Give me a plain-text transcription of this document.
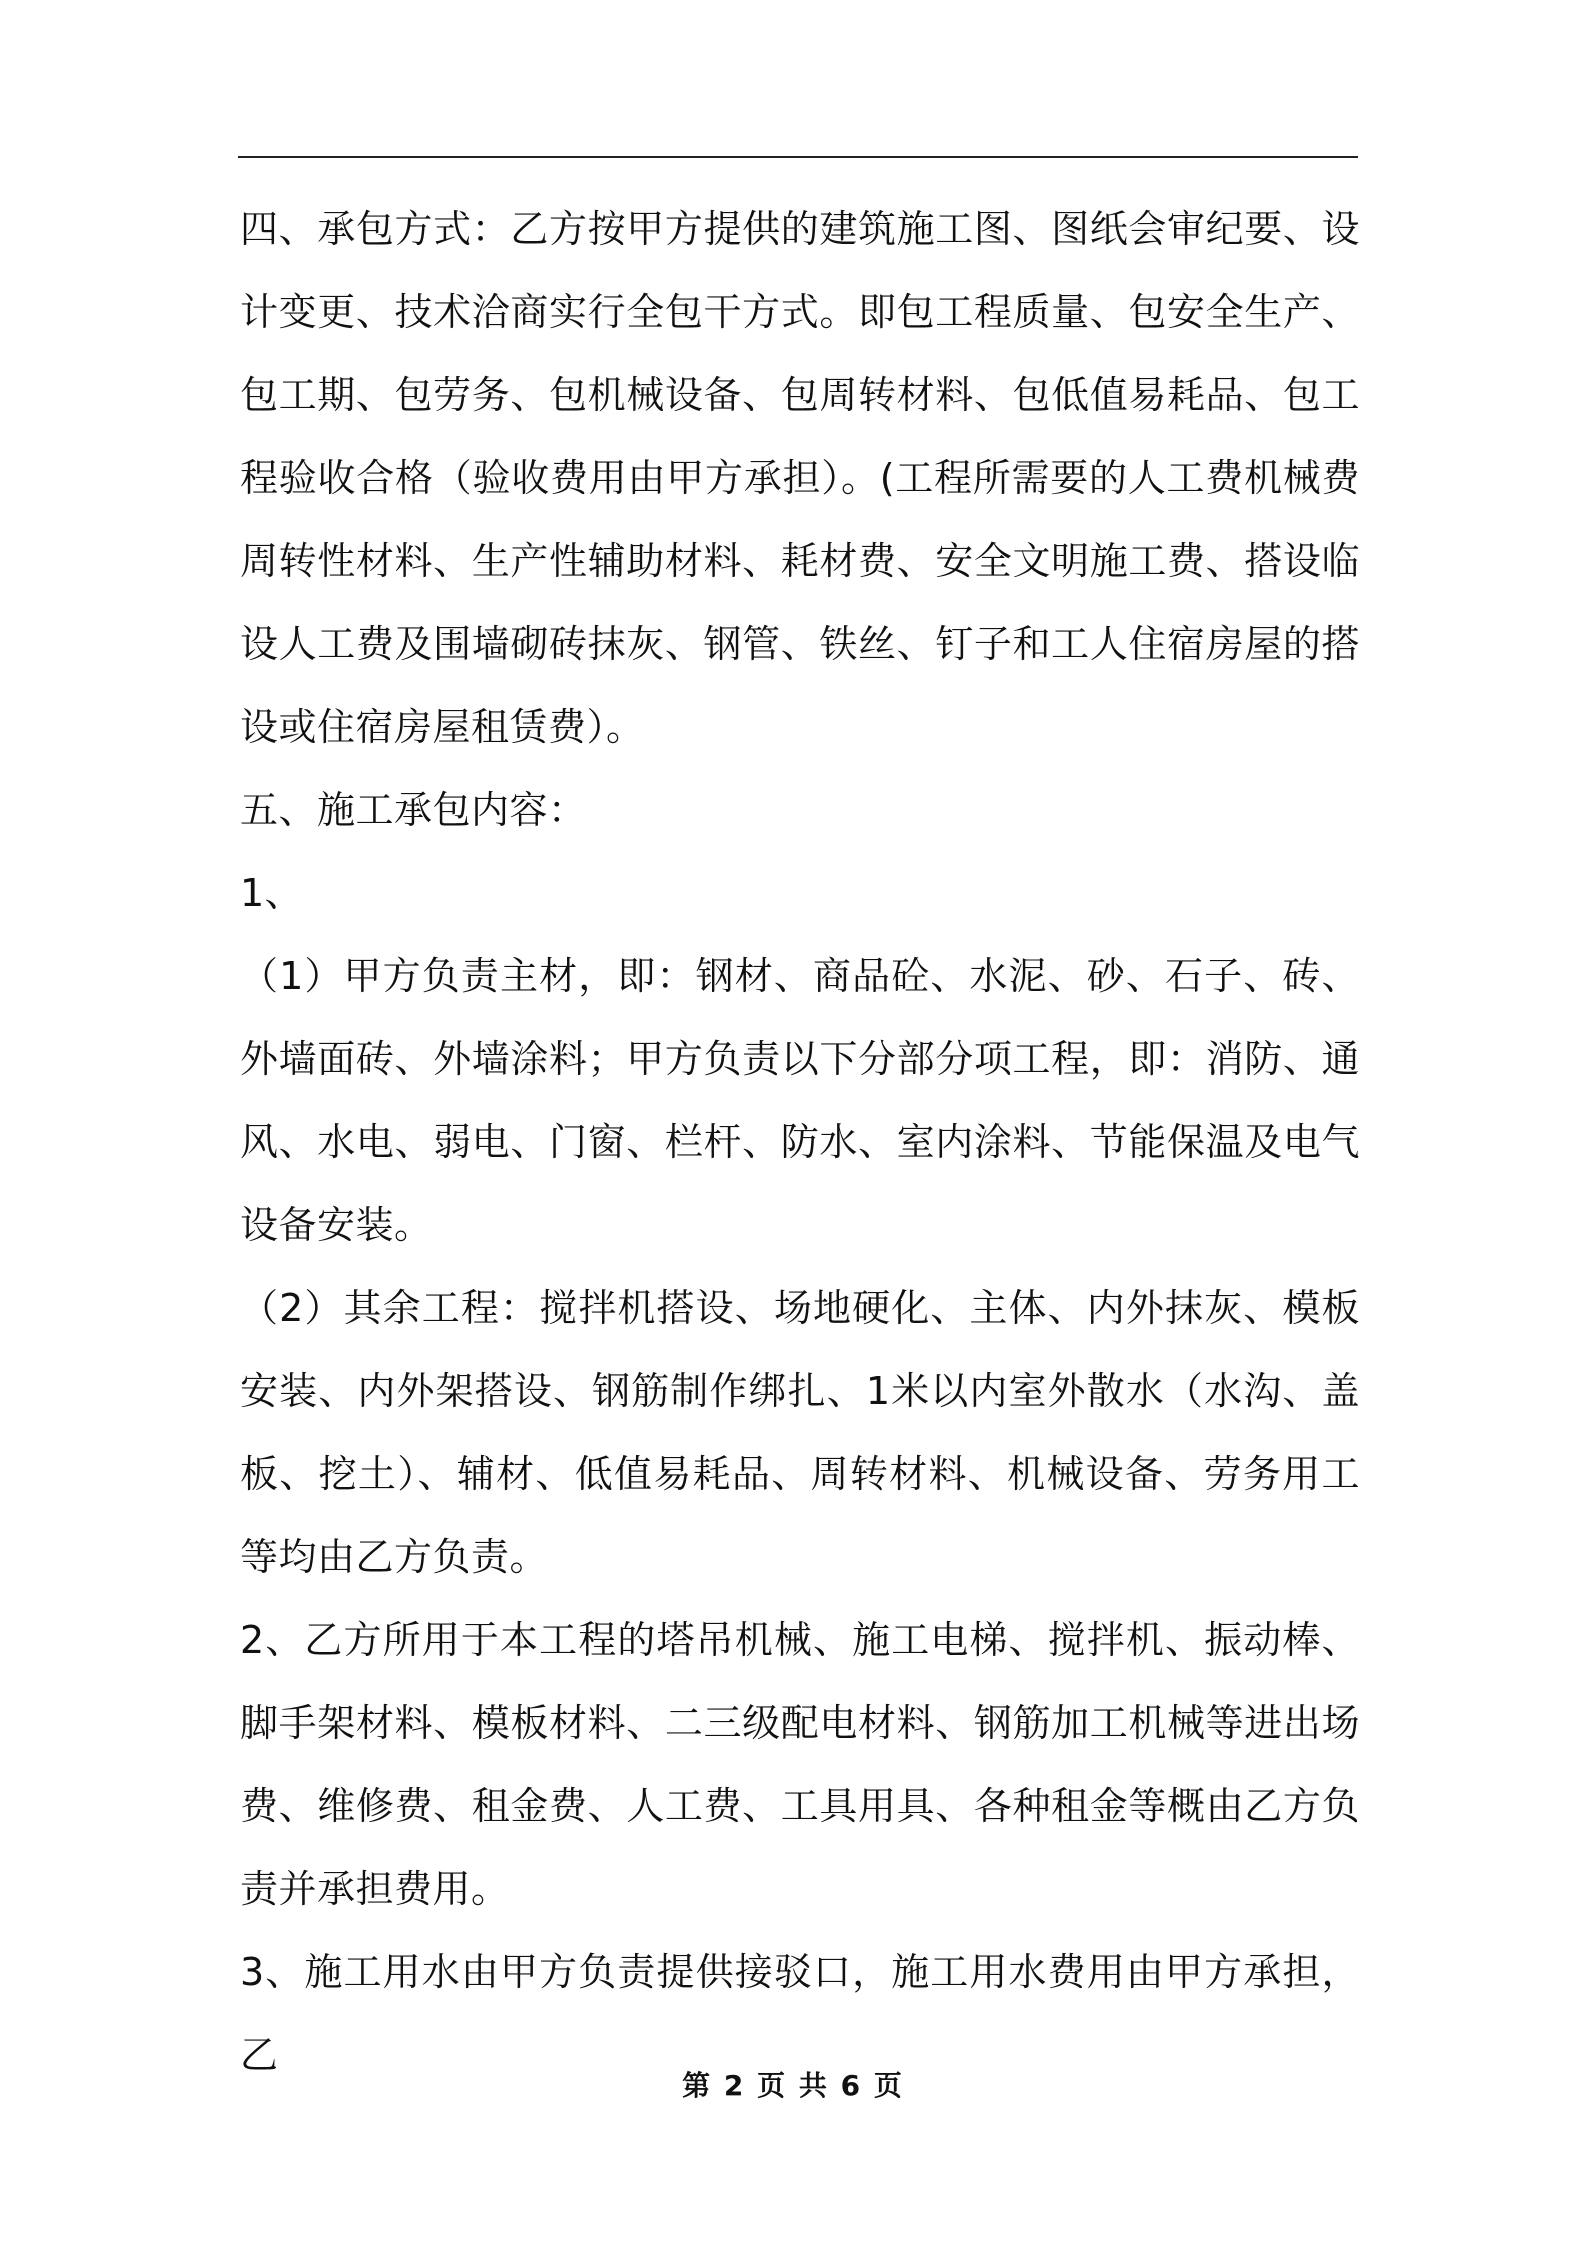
四、承包方式：乙方按甲方提供的建筑施工图、图纸会审纪要、设计变更、技术洽商实行全包干方式。即包工程质量、包安全生产、包工期、包劳务、包机械设备、包周转材料、包低值易耗品、包工程验收合格（验收费用由甲方承担）。(工程所需要的人工费机械费周转性材料、生产性辅助材料、耗材费、安全文明施工费、搭设临设人工费及围墙砌砖抹灰、钢管、铁丝、钉子和工人住宿房屋的搭设或住宿房屋租赁费）。

五、施工承包内容：

1、

（1）甲方负责主材，即：钢材、商品砼、水泥、砂、石子、砖、外墙面砖、外墙涂料；甲方负责以下分部分项工程，即：消防、通风、水电、弱电、门窗、栏杆、防水、室内涂料、节能保温及电气设备安装。

（2）其余工程：搅拌机搭设、场地硬化、主体、内外抹灰、模板安装、内外架搭设、钢筋制作绑扎、1米以内室外散水（水沟、盖板、挖土）、辅材、低值易耗品、周转材料、机械设备、劳务用工等均由乙方负责。

2、乙方所用于本工程的塔吊机械、施工电梯、搅拌机、振动棒、脚手架材料、模板材料、二三级配电材料、钢筋加工机械等进出场费、维修费、租金费、人工费、工具用具、各种租金等概由乙方负责并承担费用。

3、施工用水由甲方负责提供接驳口，施工用水费用由甲方承担，乙

第 2 页 共 6 页
